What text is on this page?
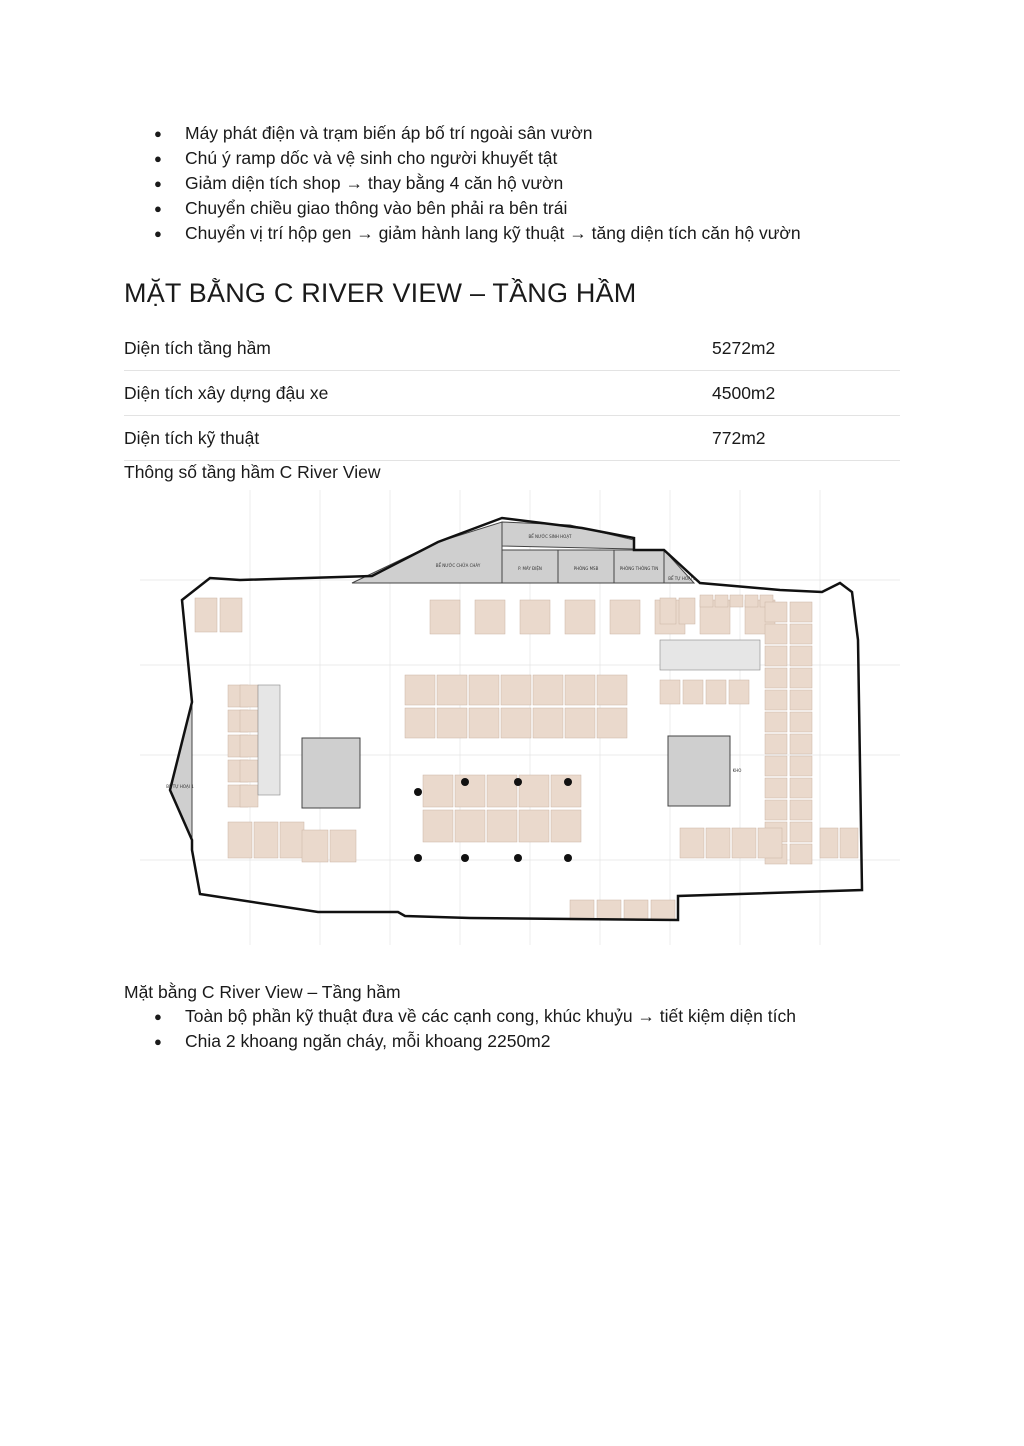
● Máy phát điện và trạm biến áp bố trí ngoài sân vườn
● Chú ý ramp dốc và vệ sinh cho người khuyết tật
● Giảm diện tích shop → thay bằng 4 căn hộ vườn
● Chuyển chiều giao thông vào bên phải ra bên trái
● Chuyển vị trí hộp gen → giảm hành lang kỹ thuật → tăng diện tích căn hộ vườn
MẶT BẰNG C RIVER VIEW – TẦNG HẦM
Diện tích tầng hầm	5272m2
Diện tích xây dựng đậu xe	4500m2
Diện tích kỹ thuật	772m2
Thông số tầng hầm C River View
BỂ NƯỚC CHỮA CHÁY
BỂ NƯỚC SINH HOẠT
P. MÁY ĐIỆN	PHÒNG MSB	PHÒNG THÔNG TIN
BỂ TỰ HOẠI 2
BỂ TỰ HOẠI 1
KHO
Mặt bằng C River View – Tầng hầm
● Toàn bộ phần kỹ thuật đưa về các cạnh cong, khúc khuỷu → tiết kiệm diện tích
● Chia 2 khoang ngăn cháy, mỗi khoang 2250m2
